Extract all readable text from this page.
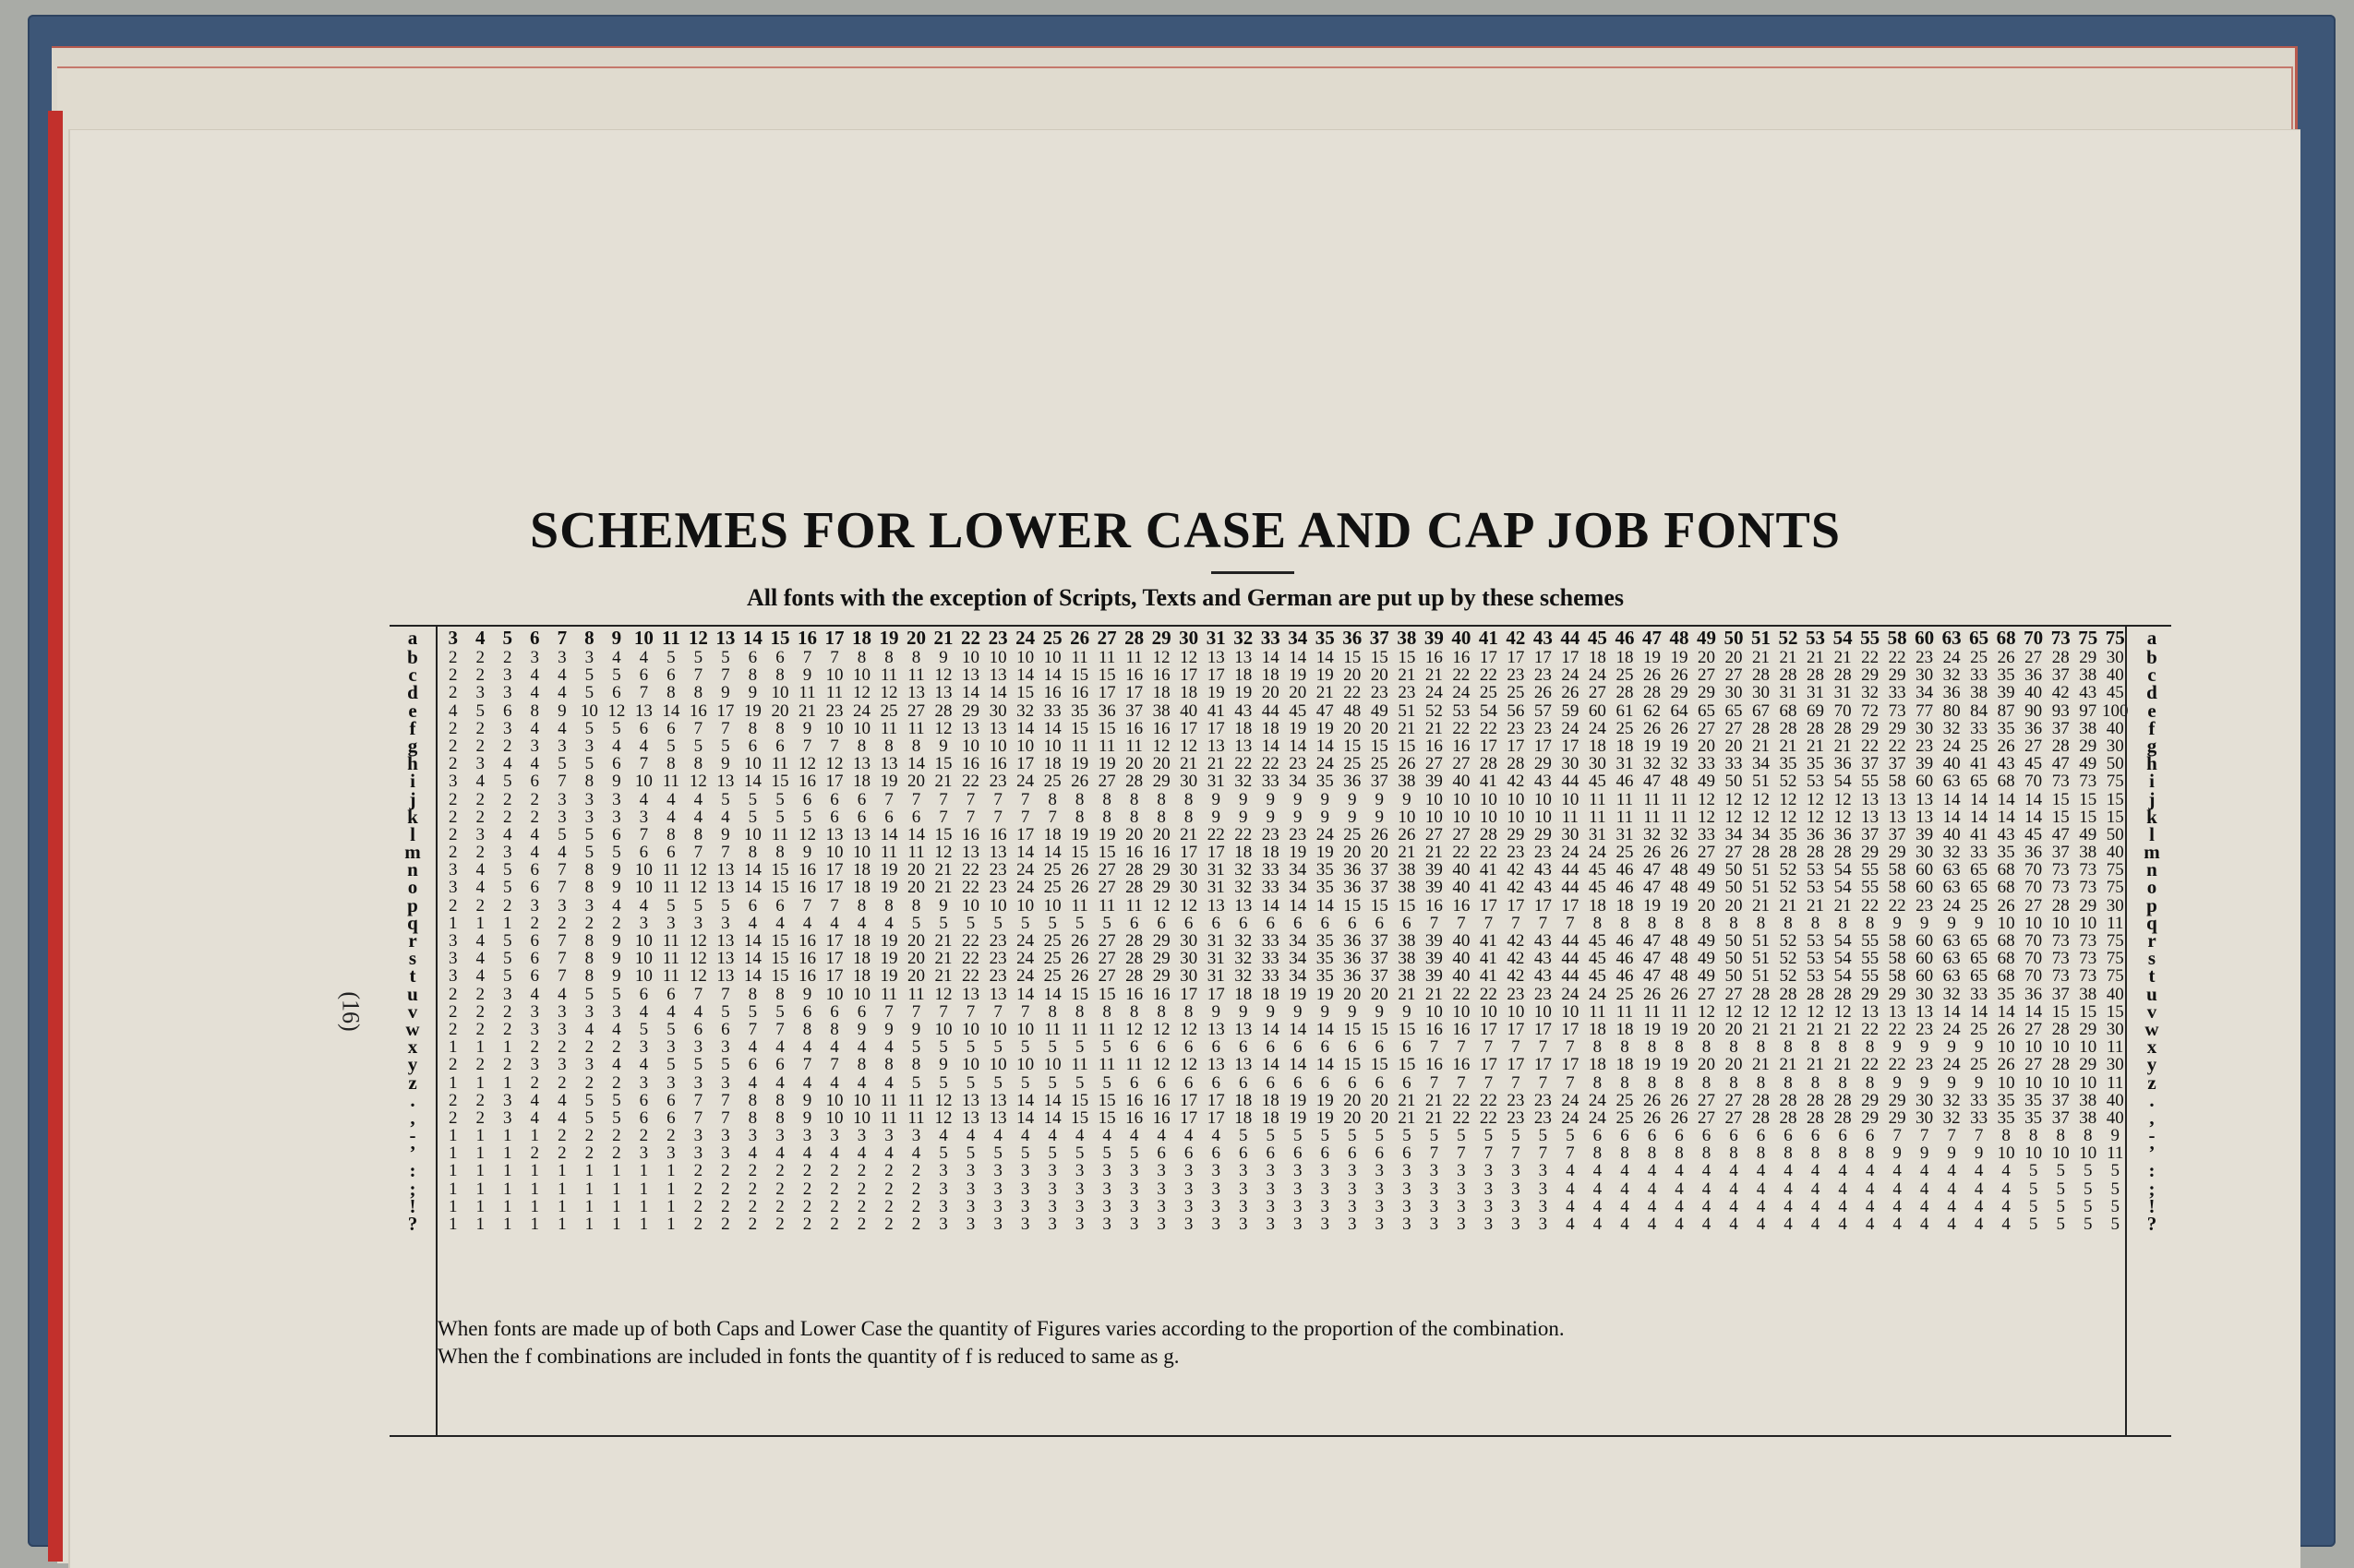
SCHEMES FOR LOWER CASE AND CAP JOB FONTS
All fonts with the exception of Scripts, Texts and German are put up by these schemes
(16)
a
b
c
d
e
f
g
h
i
j
k
l
m
n
o
p
q
r
s
t
u
v
w
x
y
z
.
,
-
’
:
;
!
?
3
2
2
2
4
2
2
2
3
2
2
2
2
3
3
2
1
3
3
3
2
2
2
1
2
1
2
2
1
1
1
1
1
1
4
2
2
3
5
2
2
3
4
2
2
3
2
4
4
2
1
4
4
4
2
2
2
1
2
1
2
2
1
1
1
1
1
1
5
2
3
3
6
3
2
4
5
2
2
4
3
5
5
2
1
5
5
5
3
2
2
1
2
1
3
3
1
1
1
1
1
1
6
3
4
4
8
4
3
4
6
2
2
4
4
6
6
3
2
6
6
6
4
3
3
2
3
2
4
4
1
2
1
1
1
1
7
3
4
4
9
4
3
5
7
3
3
5
4
7
7
3
2
7
7
7
4
3
3
2
3
2
4
4
2
2
1
1
1
1
8
3
5
5
10
5
3
5
8
3
3
5
5
8
8
3
2
8
8
8
5
3
4
2
3
2
5
5
2
2
1
1
1
1
9
4
5
6
12
5
4
6
9
3
3
6
5
9
9
4
2
9
9
9
5
3
4
2
4
2
5
5
2
2
1
1
1
1
10
4
6
7
13
6
4
7
10
4
3
7
6
10
10
4
3
10
10
10
6
4
5
3
4
3
6
6
2
3
1
1
1
1
11
5
6
8
14
6
5
8
11
4
4
8
6
11
11
5
3
11
11
11
6
4
5
3
5
3
6
6
2
3
1
1
1
1
12
5
7
8
16
7
5
8
12
4
4
8
7
12
12
5
3
12
12
12
7
4
6
3
5
3
7
7
3
3
2
2
2
2
13
5
7
9
17
7
5
9
13
5
4
9
7
13
13
5
3
13
13
13
7
5
6
3
5
3
7
7
3
3
2
2
2
2
14
6
8
9
19
8
6
10
14
5
5
10
8
14
14
6
4
14
14
14
8
5
7
4
6
4
8
8
3
4
2
2
2
2
15
6
8
10
20
8
6
11
15
5
5
11
8
15
15
6
4
15
15
15
8
5
7
4
6
4
8
8
3
4
2
2
2
2
16
7
9
11
21
9
7
12
16
6
5
12
9
16
16
7
4
16
16
16
9
6
8
4
7
4
9
9
3
4
2
2
2
2
17
7
10
11
23
10
7
12
17
6
6
13
10
17
17
7
4
17
17
17
10
6
8
4
7
4
10
10
3
4
2
2
2
2
18
8
10
12
24
10
8
13
18
6
6
13
10
18
18
8
4
18
18
18
10
6
9
4
8
4
10
10
3
4
2
2
2
2
19
8
11
12
25
11
8
13
19
7
6
14
11
19
19
8
4
19
19
19
11
7
9
4
8
4
11
11
3
4
2
2
2
2
20
8
11
13
27
11
8
14
20
7
6
14
11
20
20
8
5
20
20
20
11
7
9
5
8
5
11
11
3
4
2
2
2
2
21
9
12
13
28
12
9
15
21
7
7
15
12
21
21
9
5
21
21
21
12
7
10
5
9
5
12
12
4
5
3
3
3
3
22
10
13
14
29
13
10
16
22
7
7
16
13
22
22
10
5
22
22
22
13
7
10
5
10
5
13
13
4
5
3
3
3
3
23
10
13
14
30
13
10
16
23
7
7
16
13
23
23
10
5
23
23
23
13
7
10
5
10
5
13
13
4
5
3
3
3
3
24
10
14
15
32
14
10
17
24
7
7
17
14
24
24
10
5
24
24
24
14
7
10
5
10
5
14
14
4
5
3
3
3
3
25
10
14
16
33
14
10
18
25
8
7
18
14
25
25
10
5
25
25
25
14
8
11
5
10
5
14
14
4
5
3
3
3
3
26
11
15
16
35
15
11
19
26
8
8
19
15
26
26
11
5
26
26
26
15
8
11
5
11
5
15
15
4
5
3
3
3
3
27
11
15
17
36
15
11
19
27
8
8
19
15
27
27
11
5
27
27
27
15
8
11
5
11
5
15
15
4
5
3
3
3
3
28
11
16
17
37
16
11
20
28
8
8
20
16
28
28
11
6
28
28
28
16
8
12
6
11
6
16
16
4
5
3
3
3
3
29
12
16
18
38
16
12
20
29
8
8
20
16
29
29
12
6
29
29
29
16
8
12
6
12
6
16
16
4
6
3
3
3
3
30
12
17
18
40
17
12
21
30
8
8
21
17
30
30
12
6
30
30
30
17
8
12
6
12
6
17
17
4
6
3
3
3
3
31
13
17
19
41
17
13
21
31
9
9
22
17
31
31
13
6
31
31
31
17
9
13
6
13
6
17
17
4
6
3
3
3
3
32
13
18
19
43
18
13
22
32
9
9
22
18
32
32
13
6
32
32
32
18
9
13
6
13
6
18
18
5
6
3
3
3
3
33
14
18
20
44
18
14
22
33
9
9
23
18
33
33
14
6
33
33
33
18
9
14
6
14
6
18
18
5
6
3
3
3
3
34
14
19
20
45
19
14
23
34
9
9
23
19
34
34
14
6
34
34
34
19
9
14
6
14
6
19
19
5
6
3
3
3
3
35
14
19
21
47
19
14
24
35
9
9
24
19
35
35
14
6
35
35
35
19
9
14
6
14
6
19
19
5
6
3
3
3
3
36
15
20
22
48
20
15
25
36
9
9
25
20
36
36
15
6
36
36
36
20
9
15
6
15
6
20
20
5
6
3
3
3
3
37
15
20
23
49
20
15
25
37
9
9
26
20
37
37
15
6
37
37
37
20
9
15
6
15
6
20
20
5
6
3
3
3
3
38
15
21
23
51
21
15
26
38
9
10
26
21
38
38
15
6
38
38
38
21
9
15
6
15
6
21
21
5
6
3
3
3
3
39
16
21
24
52
21
16
27
39
10
10
27
21
39
39
16
7
39
39
39
21
10
16
7
16
7
21
21
5
7
3
3
3
3
40
16
22
24
53
22
16
27
40
10
10
27
22
40
40
16
7
40
40
40
22
10
16
7
16
7
22
22
5
7
3
3
3
3
41
17
22
25
54
22
17
28
41
10
10
28
22
41
41
17
7
41
41
41
22
10
17
7
17
7
22
22
5
7
3
3
3
3
42
17
23
25
56
23
17
28
42
10
10
29
23
42
42
17
7
42
42
42
23
10
17
7
17
7
23
23
5
7
3
3
3
3
43
17
23
26
57
23
17
29
43
10
10
29
23
43
43
17
7
43
43
43
23
10
17
7
17
7
23
23
5
7
3
3
3
3
44
17
24
26
59
24
17
30
44
10
11
30
24
44
44
17
7
44
44
44
24
10
17
7
17
7
24
24
5
7
4
4
4
4
45
18
24
27
60
24
18
30
45
11
11
31
24
45
45
18
8
45
45
45
24
11
18
8
18
8
24
24
6
8
4
4
4
4
46
18
25
28
61
25
18
31
46
11
11
31
25
46
46
18
8
46
46
46
25
11
18
8
18
8
25
25
6
8
4
4
4
4
47
19
26
28
62
26
19
32
47
11
11
32
26
47
47
19
8
47
47
47
26
11
19
8
19
8
26
26
6
8
4
4
4
4
48
19
26
29
64
26
19
32
48
11
11
32
26
48
48
19
8
48
48
48
26
11
19
8
19
8
26
26
6
8
4
4
4
4
49
20
27
29
65
27
20
33
49
12
12
33
27
49
49
20
8
49
49
49
27
12
20
8
20
8
27
27
6
8
4
4
4
4
50
20
27
30
65
27
20
33
50
12
12
34
27
50
50
20
8
50
50
50
27
12
20
8
20
8
27
27
6
8
4
4
4
4
51
21
28
30
67
28
21
34
51
12
12
34
28
51
51
21
8
51
51
51
28
12
21
8
21
8
28
28
6
8
4
4
4
4
52
21
28
31
68
28
21
35
52
12
12
35
28
52
52
21
8
52
52
52
28
12
21
8
21
8
28
28
6
8
4
4
4
4
53
21
28
31
69
28
21
35
53
12
12
36
28
53
53
21
8
53
53
53
28
12
21
8
21
8
28
28
6
8
4
4
4
4
54
21
28
31
70
28
21
36
54
12
12
36
28
54
54
21
8
54
54
54
28
12
21
8
21
8
28
28
6
8
4
4
4
4
55
22
29
32
72
29
22
37
55
13
13
37
29
55
55
22
8
55
55
55
29
13
22
8
22
8
29
29
6
8
4
4
4
4
58
22
29
33
73
29
22
37
58
13
13
37
29
58
58
22
9
58
58
58
29
13
22
9
22
9
29
29
7
9
4
4
4
4
60
23
30
34
77
30
23
39
60
13
13
39
30
60
60
23
9
60
60
60
30
13
23
9
23
9
30
30
7
9
4
4
4
4
63
24
32
36
80
32
24
40
63
14
14
40
32
63
63
24
9
63
63
63
32
14
24
9
24
9
32
32
7
9
4
4
4
4
65
25
33
38
84
33
25
41
65
14
14
41
33
65
65
25
9
65
65
65
33
14
25
9
25
9
33
33
7
9
4
4
4
4
68
26
35
39
87
35
26
43
68
14
14
43
35
68
68
26
10
68
68
68
35
14
26
10
26
10
35
35
8
10
4
4
4
4
70
27
36
40
90
36
27
45
70
14
14
45
36
70
70
27
10
70
70
70
36
14
27
10
27
10
35
35
8
10
5
5
5
5
73
28
37
42
93
37
28
47
73
15
15
47
37
73
73
28
10
73
73
73
37
15
28
10
28
10
37
37
8
10
5
5
5
5
75
29
38
43
97
38
29
49
73
15
15
49
38
73
73
29
10
73
73
73
38
15
29
10
29
10
38
38
8
10
5
5
5
5
75
30
40
45
100
40
30
50
75
15
15
50
40
75
75
30
11
75
75
75
40
15
30
11
30
11
40
40
9
11
5
5
5
5
a
b
c
d
e
f
g
h
i
j
k
l
m
n
o
p
q
r
s
t
u
v
w
x
y
z
.
,
-
’
:
;
!
?
When fonts are made up of both Caps and Lower Case the quantity of Figures varies according to the proportion of the combination.
When the f combinations are included in fonts the quantity of f is reduced to same as g.
